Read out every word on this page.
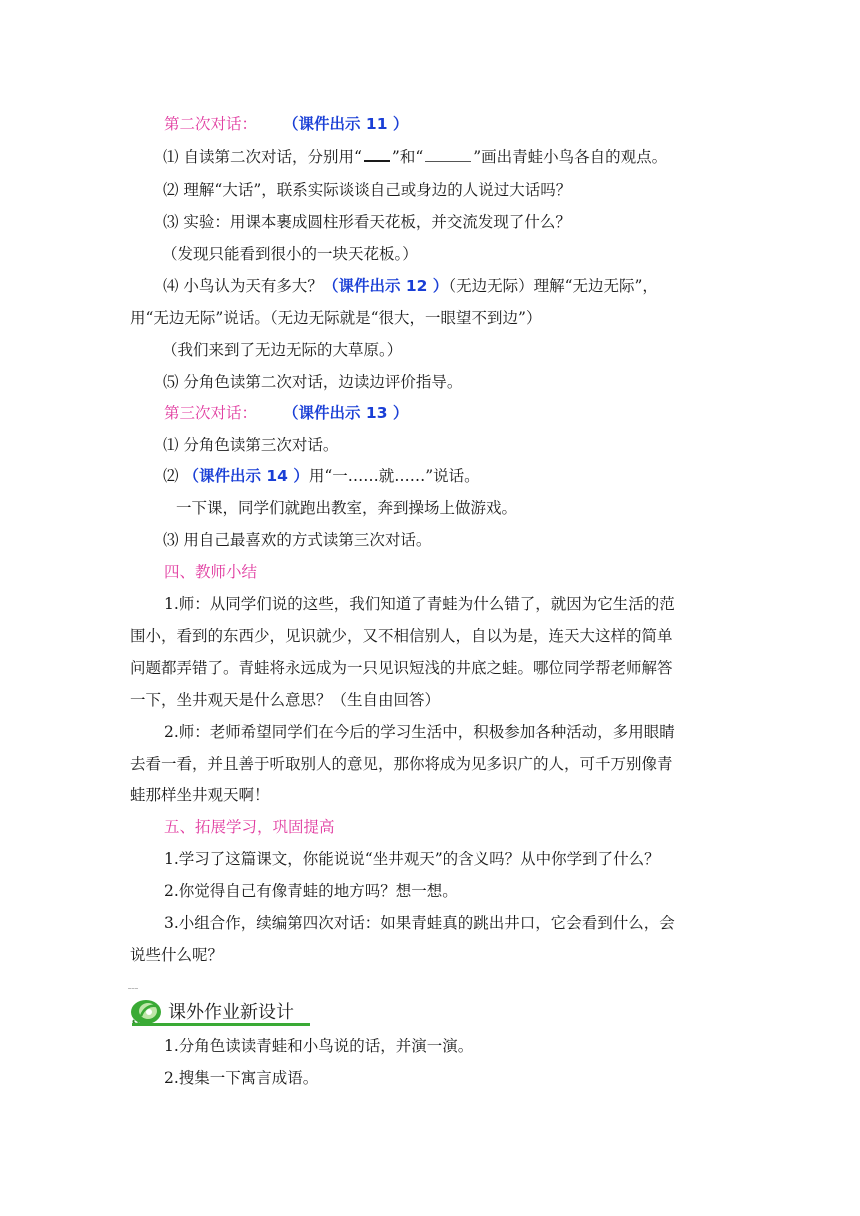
第二次对话： （课件出示 11 ）
⑴ 自读第二次对话，分别用“ ”和“	”画出青蛙小鸟各自的观点。
⑵ 理解“大话”，联系实际谈谈自己或身边的人说过大话吗？
⑶ 实验：用课本裹成圆柱形看天花板，并交流发现了什么？
（发现只能看到很小的一块天花板。）
⑷ 小鸟认为天有多大？（课件出示 12 ）（无边无际）理解“无边无际”，
用“无边无际”说话。（无边无际就是“很大，一眼望不到边”）
（我们来到了无边无际的大草原。）
⑸ 分角色读第二次对话，边读边评价指导。
第三次对话： （课件出示 13 ）
⑴ 分角色读第三次对话。
⑵ （课件出示 14 ）用“一……就……”说话。
一下课，同学们就跑出教室，奔到操场上做游戏。
⑶ 用自己最喜欢的方式读第三次对话。
四、教师小结
1.师：从同学们说的这些，我们知道了青蛙为什么错了，就因为它生活的范
围小，看到的东西少，见识就少，又不相信别人，自以为是，连天大这样的简单
问题都弄错了。青蛙将永远成为一只见识短浅的井底之蛙。哪位同学帮老师解答
一下，坐井观天是什么意思？（生自由回答）
2.师：老师希望同学们在今后的学习生活中，积极参加各种活动，多用眼睛
去看一看，并且善于听取别人的意见，那你将成为见多识广的人，可千万别像青
蛙那样坐井观天啊！
五、拓展学习，巩固提高
1.学习了这篇课文，你能说说“坐井观天”的含义吗？从中你学到了什么？
2.你觉得自己有像青蛙的地方吗？想一想。
3.小组合作，续编第四次对话：如果青蛙真的跳出井口，它会看到什么，会
说些什么呢？
课外作业新设计
1.分角色读读青蛙和小鸟说的话，并演一演。
2.搜集一下寓言成语。
